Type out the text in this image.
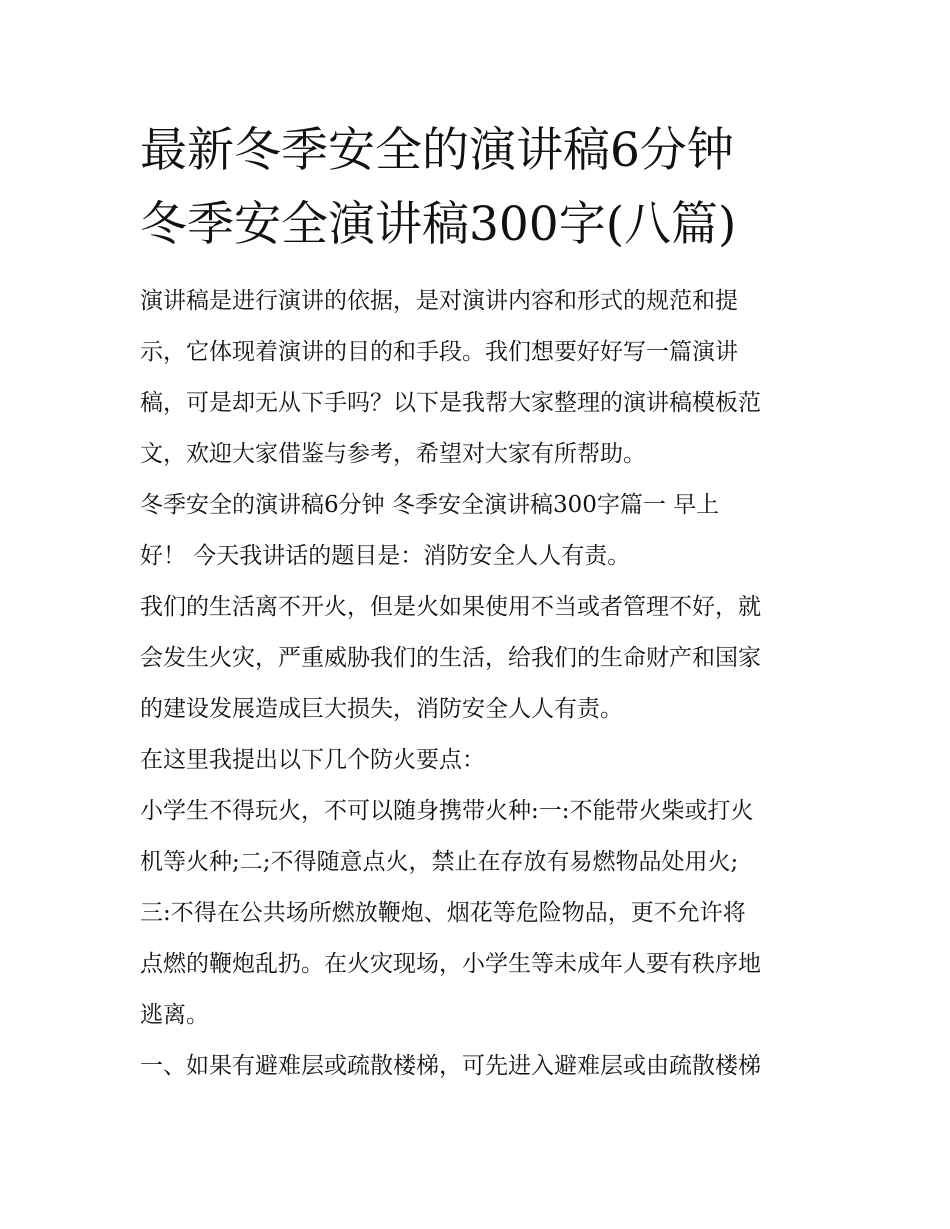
最新冬季安全的演讲稿6分钟
冬季安全演讲稿300字(八篇)

演讲稿是进行演讲的依据，是对演讲内容和形式的规范和提
示，它体现着演讲的目的和手段。我们想要好好写一篇演讲
稿，可是却无从下手吗？以下是我帮大家整理的演讲稿模板范
文，欢迎大家借鉴与参考，希望对大家有所帮助。

冬季安全的演讲稿6分钟 冬季安全演讲稿300字篇一 早上
好！ 今天我讲话的题目是：消防安全人人有责。

我们的生活离不开火，但是火如果使用不当或者管理不好，就
会发生火灾，严重威胁我们的生活，给我们的生命财产和国家
的建设发展造成巨大损失，消防安全人人有责。

在这里我提出以下几个防火要点：

小学生不得玩火，不可以随身携带火种:一:不能带火柴或打火
机等火种;二;不得随意点火，禁止在存放有易燃物品处用火;
三:不得在公共场所燃放鞭炮、烟花等危险物品，更不允许将
点燃的鞭炮乱扔。在火灾现场，小学生等未成年人要有秩序地
逃离。

一、如果有避难层或疏散楼梯，可先进入避难层或由疏散楼梯
